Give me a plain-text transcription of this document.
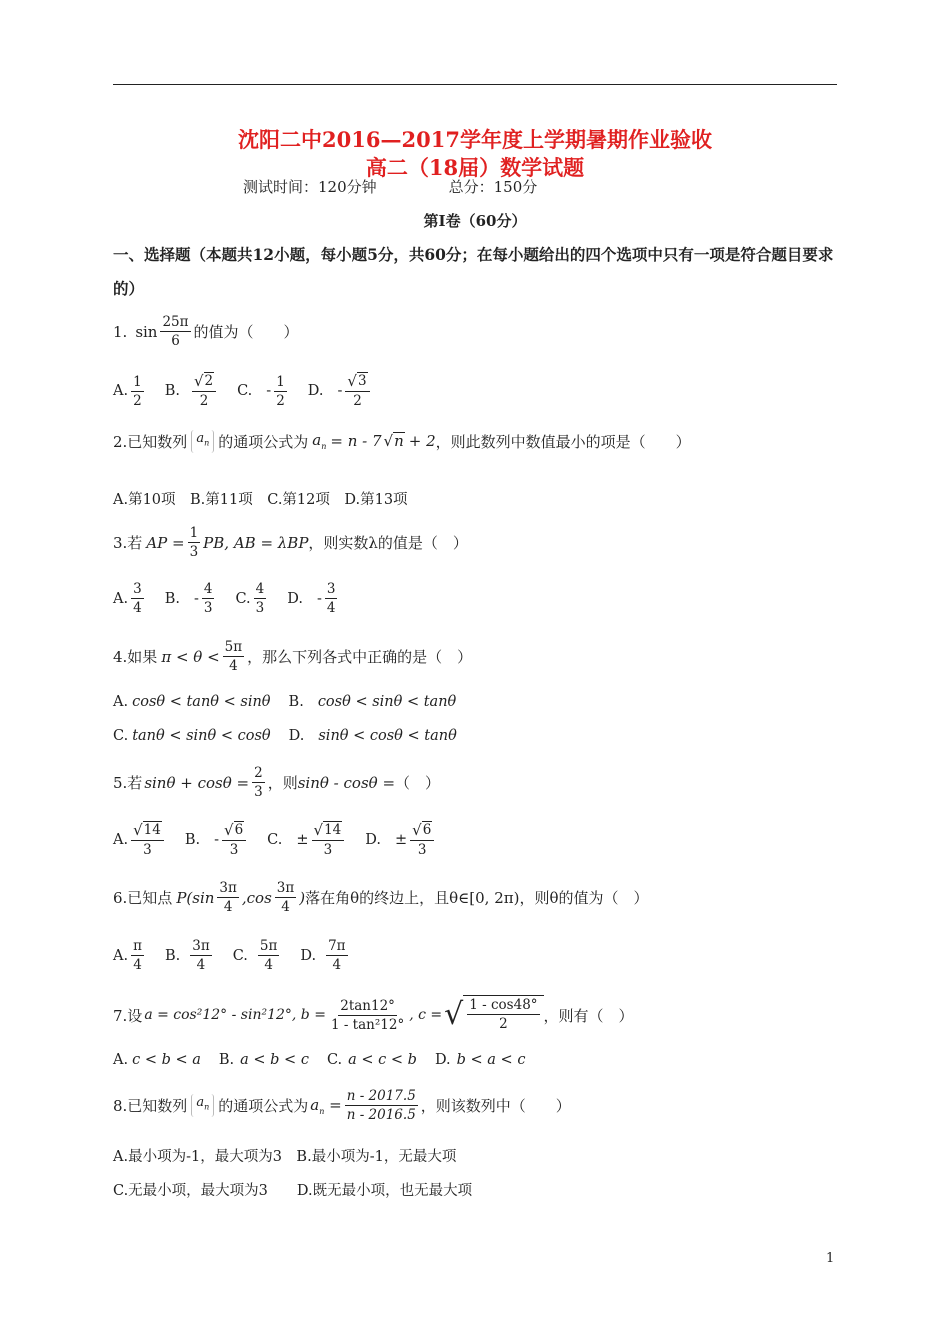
沈阳二中2016—2017学年度上学期暑期作业验收
高二（18届）数学试题
测试时间：120分钟	总分：150分
第Ⅰ卷（60分）
一、选择题（本题共12小题，每小题5分，共60分；在每小题给出的四个选项中只有一项是符合题目要求的）
1. $\sin \frac{25\pi}{6}$ 的值为（　　）
A. $\frac{1}{2} B$. $\frac{√ 2}{2} C$. - $\frac{1}{2} D$. - $\frac{√ 3}{2}$
2.已知数列 $a_n$ 的通项公式为 $a_n = n - 7$ √ n + 2 ，则此数列中数值最小的项是（　　）
A.第10项　B.第11项　C.第12项　D.第13项
3.若 AP = $\frac{1}{3}$ PB, AB = λBP ，则实数λ的值是（　）
A. $\frac{3}{4} B$. - $\frac{4}{3} C$. $\frac{4}{3} D$. - $\frac{3}{4}$
4.如果 $\pi < \theta < \frac{5\pi}{4}$ ，那么下列各式中正确的是（　）
A. cosθ < tanθ < sinθ B. cosθ < sinθ < tanθ
C. tanθ < sinθ < cosθ D. sinθ < cosθ < tanθ
5.若 $\sin\theta + \cos\theta = \frac{2}{3}$ ，则 sinθ - cosθ = （　）
A. $\frac{√ 14}{3} B$. - $\frac{√ 6}{3} C$. ± $\frac{√ 14}{3} D$. ± $\frac{√ 6}{3}$
6.已知点 $P(\sin \frac{3\pi}{4} ,\cos \frac{3\pi}{4}$ ) 落在角θ的终边上，且θ∈[0, 2π)，则θ的值为（　）
A. $\frac{\pi}{4} B$. $\frac{3\pi}{4} C$. $\frac{5\pi}{4} D$. $\frac{7\pi}{4}$
7.设 a = cos²12° - sin²12°, $b = \frac{2\tan 12^\circ}{\text{1 - tan²12°}}$ , c = √ $\frac{1 - \cos 48^\circ}{2}$ ，则有（　）
A. c < b < a B. a < b < c C. a < c < b D. b < a < c
8.已知数列 $a_n$ 的通项公式为 $a_n = \frac{n - 2017.5}{n - 2016.5}$ ，则该数列中（　　）
A.最小项为-1，最大项为3　B.最小项为-1，无最大项
C.无最小项，最大项为3　　D.既无最小项，也无最大项
1
